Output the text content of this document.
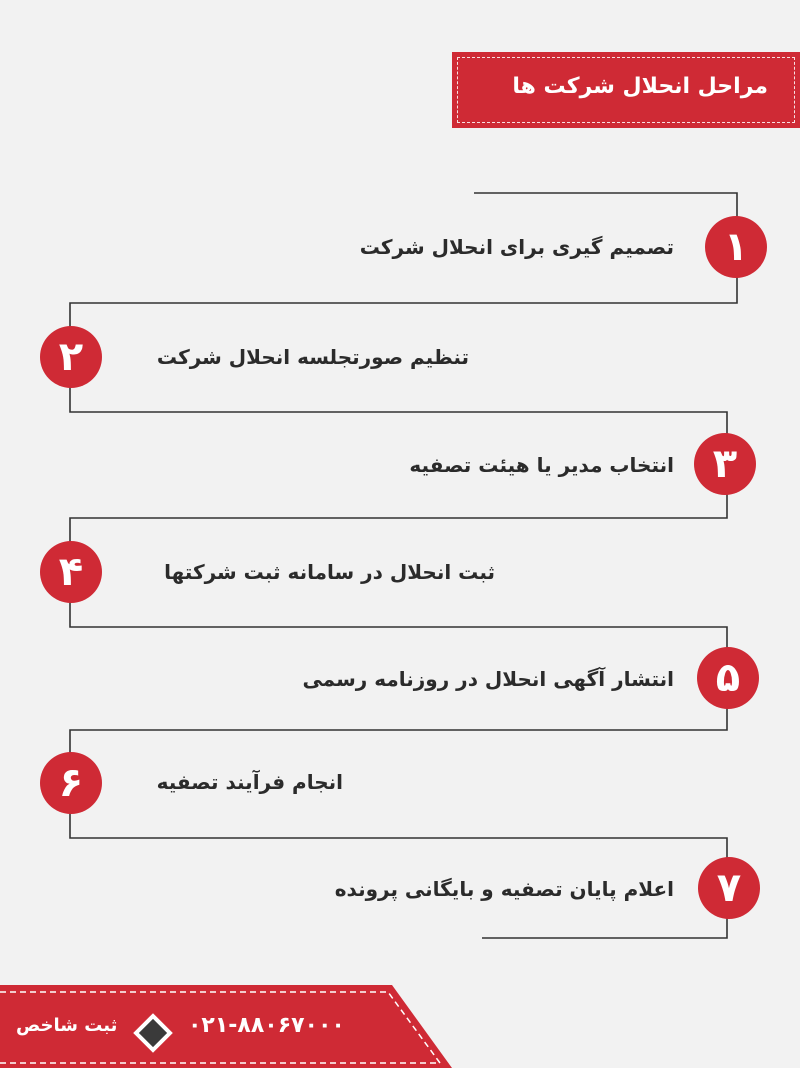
مراحل انحلال شرکت ها
۱
تصمیم گیری برای انحلال شرکت
۲	تنظیم صورتجلسه انحلال شرکت
۳
انتخاب مدیر یا هیئت تصفیه
۴	ثبت انحلال در سامانه ثبت شرکتها
۵
انتشار آگهی انحلال در روزنامه رسمی
۶	انجام فرآیند تصفیه
۷
اعلام پایان تصفیه و بایگانی پرونده
ثبت شاخص	۰۲۱-۸۸۰۶۷۰۰۰
